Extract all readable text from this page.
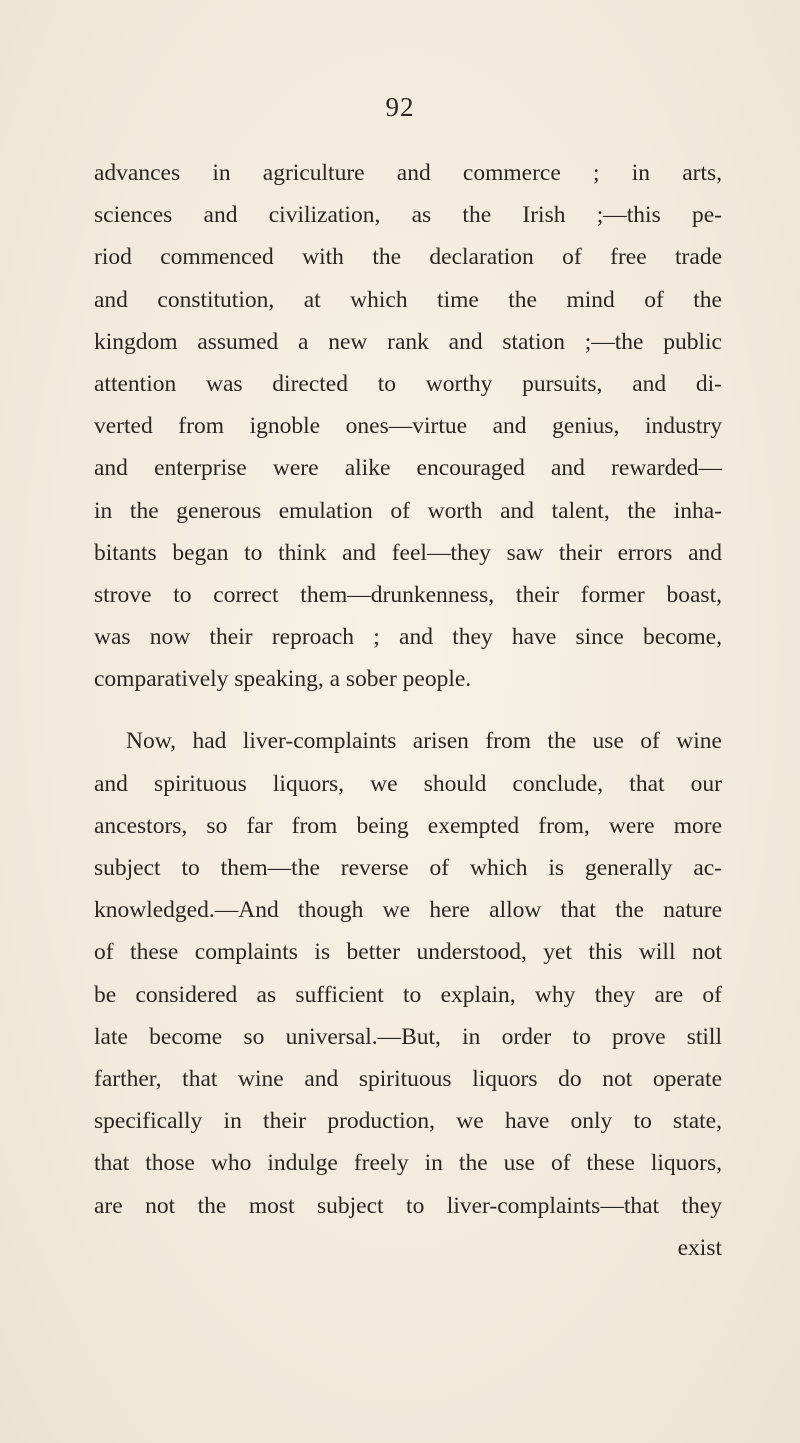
92
advances in agriculture and commerce ; in arts,
sciences and civilization, as the Irish ;—this pe-
riod commenced with the declaration of free trade
and constitution, at which time the mind of the
kingdom assumed a new rank and station ;—the public
attention was directed to worthy pursuits, and di-
verted from ignoble ones—virtue and genius, industry
and enterprise were alike encouraged and rewarded—
in the generous emulation of worth and talent, the inha-
bitants began to think and feel—they saw their errors and
strove to correct them—drunkenness, their former boast,
was now their reproach ; and they have since become,
comparatively speaking, a sober people.
Now, had liver-complaints arisen from the use of wine
and spirituous liquors, we should conclude, that our
ancestors, so far from being exempted from, were more
subject to them—the reverse of which is generally ac-
knowledged.—And though we here allow that the nature
of these complaints is better understood, yet this will not
be considered as sufficient to explain, why they are of
late become so universal.—But, in order to prove still
farther, that wine and spirituous liquors do not operate
specifically in their production, we have only to state,
that those who indulge freely in the use of these liquors,
are not the most subject to liver-complaints—that they
exist
